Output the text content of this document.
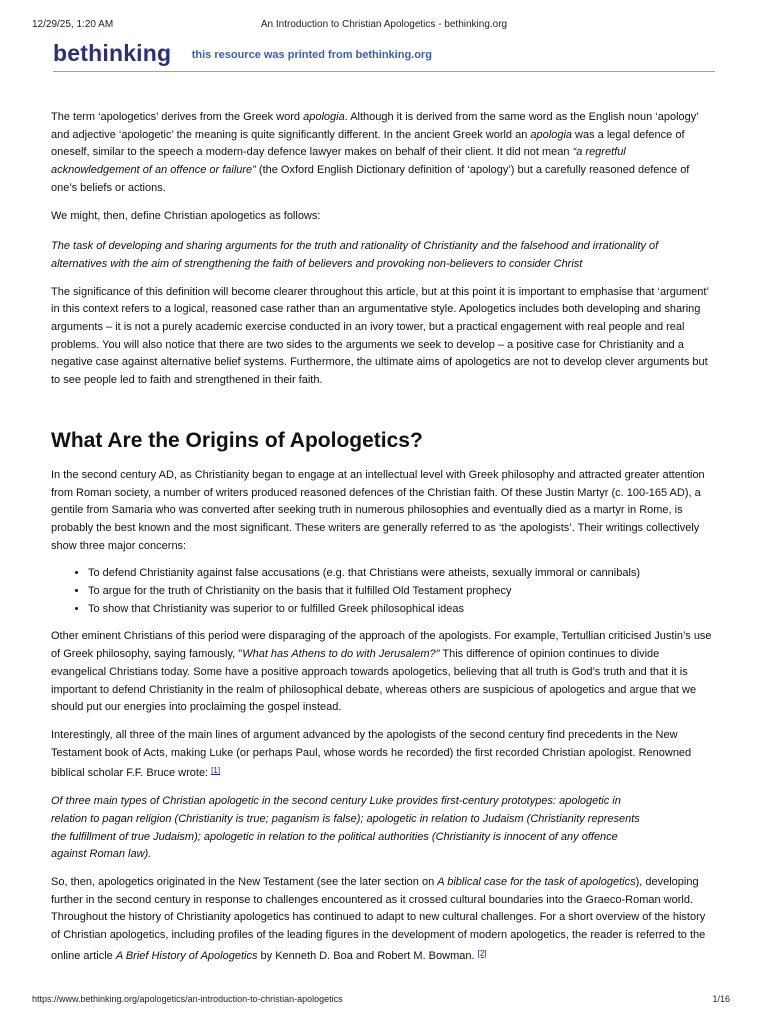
12/29/25, 1:20 AM	An Introduction to Christian Apologetics - bethinking.org
bethinking this resource was printed from bethinking.org

The term ‘apologetics’ derives from the Greek word apologia. Although it is derived from the same word as the English noun ‘apology’ and adjective ‘apologetic’ the meaning is quite significantly different. In the ancient Greek world an apologia was a legal defence of oneself, similar to the speech a modern-day defence lawyer makes on behalf of their client. It did not mean “a regretful acknowledgement of an offence or failure” (the Oxford English Dictionary definition of ‘apology’) but a carefully reasoned defence of one’s beliefs or actions.

We might, then, define Christian apologetics as follows:

The task of developing and sharing arguments for the truth and rationality of Christianity and the falsehood and irrationality of alternatives with the aim of strengthening the faith of believers and provoking non-believers to consider Christ

The significance of this definition will become clearer throughout this article, but at this point it is important to emphasise that ‘argument’ in this context refers to a logical, reasoned case rather than an argumentative style. Apologetics includes both developing and sharing arguments – it is not a purely academic exercise conducted in an ivory tower, but a practical engagement with real people and real problems. You will also notice that there are two sides to the arguments we seek to develop – a positive case for Christianity and a negative case against alternative belief systems. Furthermore, the ultimate aims of apologetics are not to develop clever arguments but to see people led to faith and strengthened in their faith.

What Are the Origins of Apologetics?

In the second century AD, as Christianity began to engage at an intellectual level with Greek philosophy and attracted greater attention from Roman society, a number of writers produced reasoned defences of the Christian faith. Of these Justin Martyr (c. 100-165 AD), a gentile from Samaria who was converted after seeking truth in numerous philosophies and eventually died as a martyr in Rome, is probably the best known and the most significant. These writers are generally referred to as ‘the apologists’. Their writings collectively show three major concerns:

• To defend Christianity against false accusations (e.g. that Christians were atheists, sexually immoral or cannibals)
• To argue for the truth of Christianity on the basis that it fulfilled Old Testament prophecy
• To show that Christianity was superior to or fulfilled Greek philosophical ideas

Other eminent Christians of this period were disparaging of the approach of the apologists. For example, Tertullian criticised Justin’s use of Greek philosophy, saying famously, "What has Athens to do with Jerusalem?" This difference of opinion continues to divide evangelical Christians today. Some have a positive approach towards apologetics, believing that all truth is God’s truth and that it is important to defend Christianity in the realm of philosophical debate, whereas others are suspicious of apologetics and argue that we should put our energies into proclaiming the gospel instead.

Interestingly, all three of the main lines of argument advanced by the apologists of the second century find precedents in the New Testament book of Acts, making Luke (or perhaps Paul, whose words he recorded) the first recorded Christian apologist. Renowned biblical scholar F.F. Bruce wrote: [1]

Of three main types of Christian apologetic in the second century Luke provides first-century prototypes: apologetic in relation to pagan religion (Christianity is true; paganism is false); apologetic in relation to Judaism (Christianity represents the fulfillment of true Judaism); apologetic in relation to the political authorities (Christianity is innocent of any offence against Roman law).

So, then, apologetics originated in the New Testament (see the later section on A biblical case for the task of apologetics), developing further in the second century in response to challenges encountered as it crossed cultural boundaries into the Graeco-Roman world. Throughout the history of Christianity apologetics has continued to adapt to new cultural challenges. For a short overview of the history of Christian apologetics, including profiles of the leading figures in the development of modern apologetics, the reader is referred to the online article A Brief History of Apologetics by Kenneth D. Boa and Robert M. Bowman. [2]

https://www.bethinking.org/apologetics/an-introduction-to-christian-apologetics	1/16
